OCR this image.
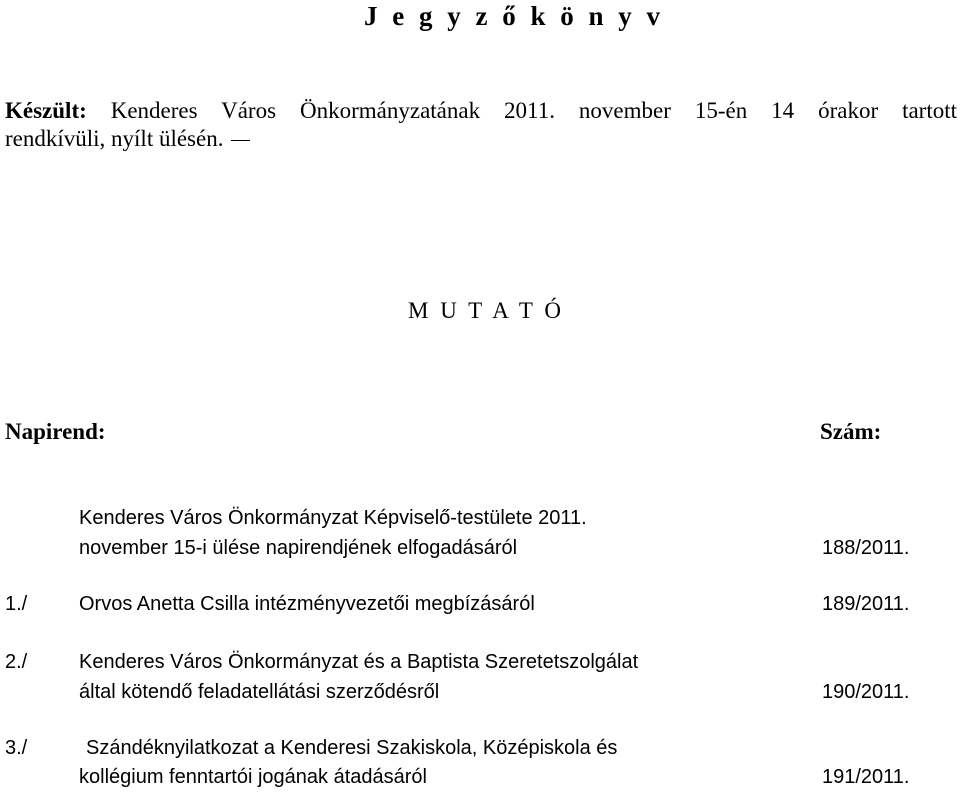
J e g y z ő k ö n y v
Készült: Kenderes Város Önkormányzatának 2011. november 15-én 14 órakor tartott
rendkívüli, nyílt ülésén.
M U T A T Ó
Napirend:	Szám:
Kenderes Város Önkormányzat Képviselő-testülete 2011.
november 15-i ülése napirendjének elfogadásáról	188/2011.
1./	Orvos Anetta Csilla intézményvezetői megbízásáról	189/2011.
2./	Kenderes Város Önkormányzat és a Baptista Szeretetszolgálat
által kötendő feladatellátási szerződésről	190/2011.
3./	Szándéknyilatkozat a Kenderesi Szakiskola, Középiskola és
kollégium fenntartói jogának átadásáról	191/2011.
